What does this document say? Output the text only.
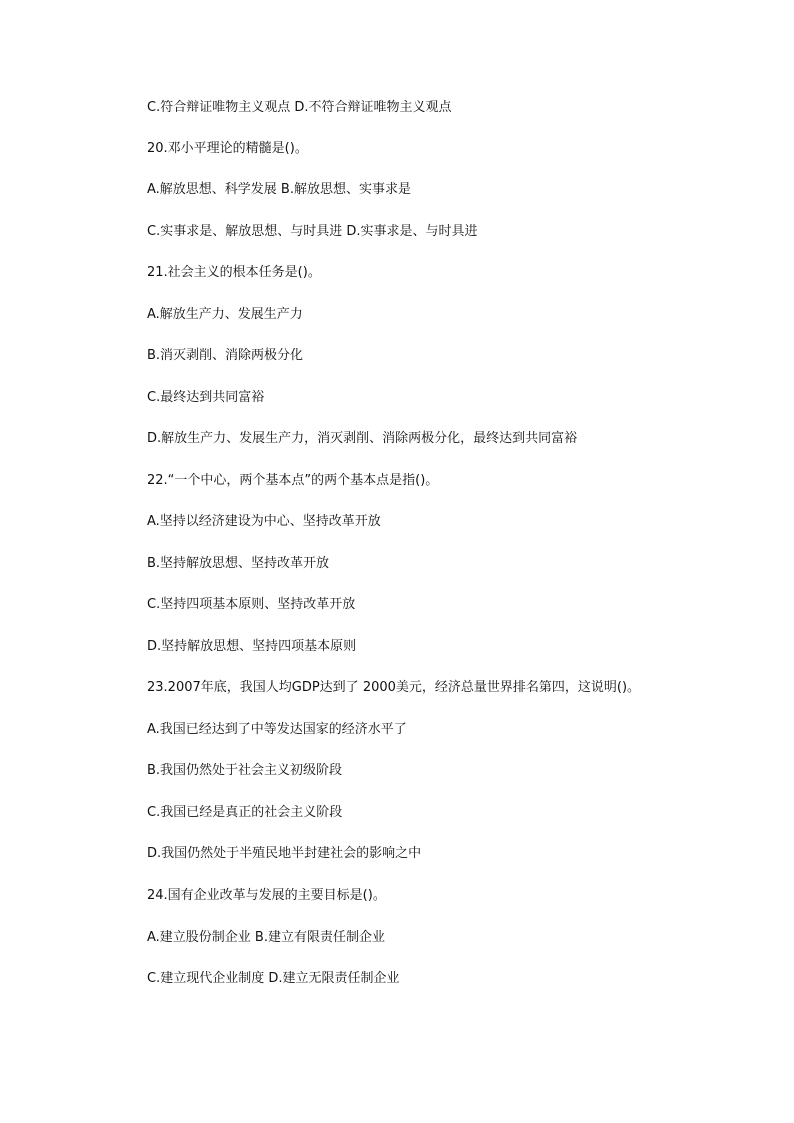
C.符合辩证唯物主义观点 D.不符合辩证唯物主义观点
20.邓小平理论的精髓是()。
A.解放思想、科学发展 B.解放思想、实事求是
C.实事求是、解放思想、与时具进 D.实事求是、与时具进
21.社会主义的根本任务是()。
A.解放生产力、发展生产力
B.消灭剥削、消除两极分化
C.最终达到共同富裕
D.解放生产力、发展生产力，消灭剥削、消除两极分化，最终达到共同富裕
22.“一个中心，两个基本点”的两个基本点是指()。
A.坚持以经济建设为中心、坚持改革开放
B.坚持解放思想、坚持改革开放
C.坚持四项基本原则、坚持改革开放
D.坚持解放思想、坚持四项基本原则
23.2007年底，我国人均GDP达到了 2000美元，经济总量世界排名第四，这说明()。
A.我国已经达到了中等发达国家的经济水平了
B.我国仍然处于社会主义初级阶段
C.我国已经是真正的社会主义阶段
D.我国仍然处于半殖民地半封建社会的影响之中
24.国有企业改革与发展的主要目标是()。
A.建立股份制企业 B.建立有限责任制企业
C.建立现代企业制度 D.建立无限责任制企业
